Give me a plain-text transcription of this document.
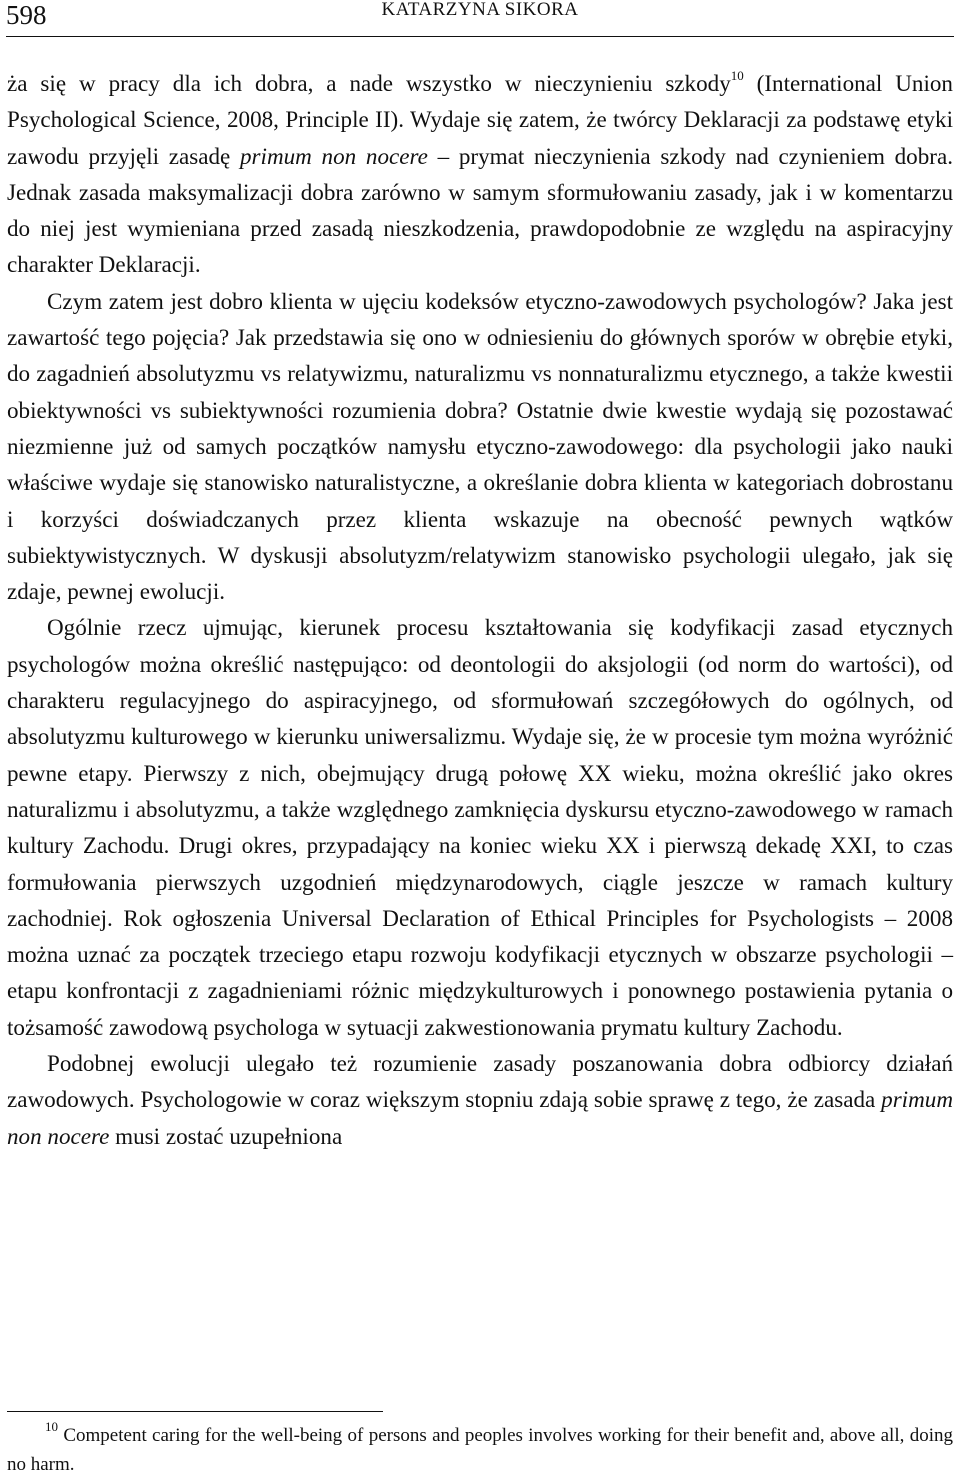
598	KATARZYNA SIKORA

ża się w pracy dla ich dobra, a nade wszystko w nieczynieniu szkody$^{10}$ (International Union Psychological Science, 2008, Principle II). Wydaje się zatem, że twórcy Deklaracji za podstawę etyki zawodu przyjęli zasadę primum non nocere – prymat nieczynienia szkody nad czynieniem dobra. Jednak zasada maksymalizacji dobra zarówno w samym sformułowaniu zasady, jak i w komentarzu do niej jest wymieniana przed zasadą nieszkodzenia, prawdopodobnie ze względu na aspiracyjny charakter Deklaracji.

Czym zatem jest dobro klienta w ujęciu kodeksów etyczno-zawodowych psychologów? Jaka jest zawartość tego pojęcia? Jak przedstawia się ono w odniesieniu do głównych sporów w obrębie etyki, do zagadnień absolutyzmu vs relatywizmu, naturalizmu vs nonnaturalizmu etycznego, a także kwestii obiektywności vs subiektywności rozumienia dobra? Ostatnie dwie kwestie wydają się pozostawać niezmienne już od samych początków namysłu etyczno-zawodowego: dla psychologii jako nauki właściwe wydaje się stanowisko naturalistyczne, a określanie dobra klienta w kategoriach dobrostanu i korzyści doświadczanych przez klienta wskazuje na obecność pewnych wątków subiektywistycznych. W dyskusji absolutyzm/relatywizm stanowisko psychologii ulegało, jak się zdaje, pewnej ewolucji.

Ogólnie rzecz ujmując, kierunek procesu kształtowania się kodyfikacji zasad etycznych psychologów można określić następująco: od deontologii do aksjologii (od norm do wartości), od charakteru regulacyjnego do aspiracyjnego, od sformułowań szczegółowych do ogólnych, od absolutyzmu kulturowego w kierunku uniwersalizmu. Wydaje się, że w procesie tym można wyróżnić pewne etapy. Pierwszy z nich, obejmujący drugą połowę XX wieku, można określić jako okres naturalizmu i absolutyzmu, a także względnego zamknięcia dyskursu etyczno-zawodowego w ramach kultury Zachodu. Drugi okres, przypadający na koniec wieku XX i pierwszą dekadę XXI, to czas formułowania pierwszych uzgodnień międzynarodowych, ciągle jeszcze w ramach kultury zachodniej. Rok ogłoszenia Universal Declaration of Ethical Principles for Psychologists – 2008 można uznać za początek trzeciego etapu rozwoju kodyfikacji etycznych w obszarze psychologii – etapu konfrontacji z zagadnieniami różnic międzykulturowych i ponownego postawienia pytania o tożsamość zawodową psychologa w sytuacji zakwestionowania prymatu kultury Zachodu.

Podobnej ewolucji ulegało też rozumienie zasady poszanowania dobra odbiorcy działań zawodowych. Psychologowie w coraz większym stopniu zdają sobie sprawę z tego, że zasada primum non nocere musi zostać uzupełniona

$^{10}$ Competent caring for the well-being of persons and peoples involves working for their benefit and, above all, doing no harm.
